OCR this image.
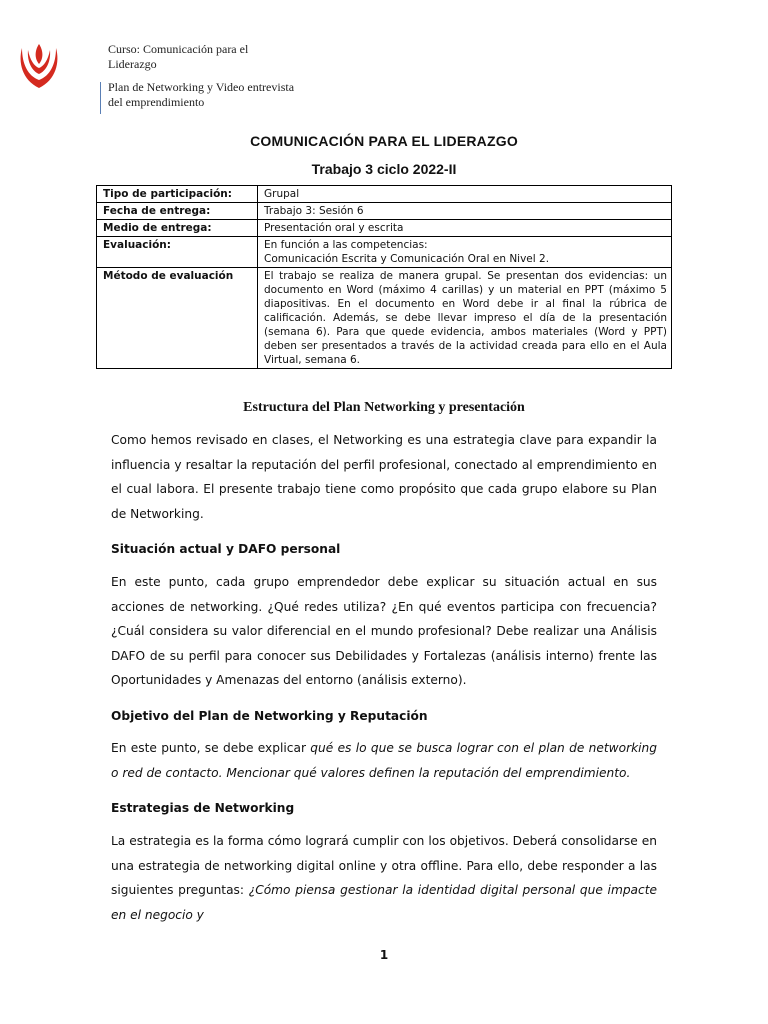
Curso: Comunicación para el Liderazgo
Plan de Networking y Video entrevista del emprendimiento
COMUNICACIÓN PARA EL LIDERAZGO
Trabajo 3 ciclo 2022-II
Tipo de participación:	Grupal
Fecha de entrega:	Trabajo 3: Sesión 6
Medio de entrega:	Presentación oral y escrita
Evaluación:	En función a las competencias:
Comunicación Escrita y Comunicación Oral en Nivel 2.

Método de evaluación	El trabajo se realiza de manera grupal. Se presentan dos evidencias: un documento en Word (máximo 4 carillas) y un material en PPT (máximo 5 diapositivas. En el documento en Word debe ir al final la rúbrica de calificación. Además, se debe llevar impreso el día de la presentación (semana 6). Para que quede evidencia, ambos materiales (Word y PPT) deben ser presentados a través de la actividad creada para ello en el Aula Virtual, semana 6.
Estructura del Plan Networking y presentación

Como hemos revisado en clases, el Networking es una estrategia clave para expandir la influencia y resaltar la reputación del perfil profesional, conectado al emprendimiento en el cual labora. El presente trabajo tiene como propósito que cada grupo elabore su Plan de Networking.

Situación actual y DAFO personal

En este punto, cada grupo emprendedor debe explicar su situación actual en sus acciones de networking. ¿Qué redes utiliza? ¿En qué eventos participa con frecuencia? ¿Cuál considera su valor diferencial en el mundo profesional? Debe realizar una Análisis DAFO de su perfil para conocer sus Debilidades y Fortalezas (análisis interno) frente las Oportunidades y Amenazas del entorno (análisis externo).

Objetivo del Plan de Networking y Reputación

En este punto, se debe explicar qué es lo que se busca lograr con el plan de networking o red de contacto. Mencionar qué valores definen la reputación del emprendimiento.

Estrategias de Networking

La estrategia es la forma cómo logrará cumplir con los objetivos. Deberá consolidarse en una estrategia de networking digital online y otra offline. Para ello, debe responder a las siguientes preguntas: ¿Cómo piensa gestionar la identidad digital personal que impacte en el negocio y

1
